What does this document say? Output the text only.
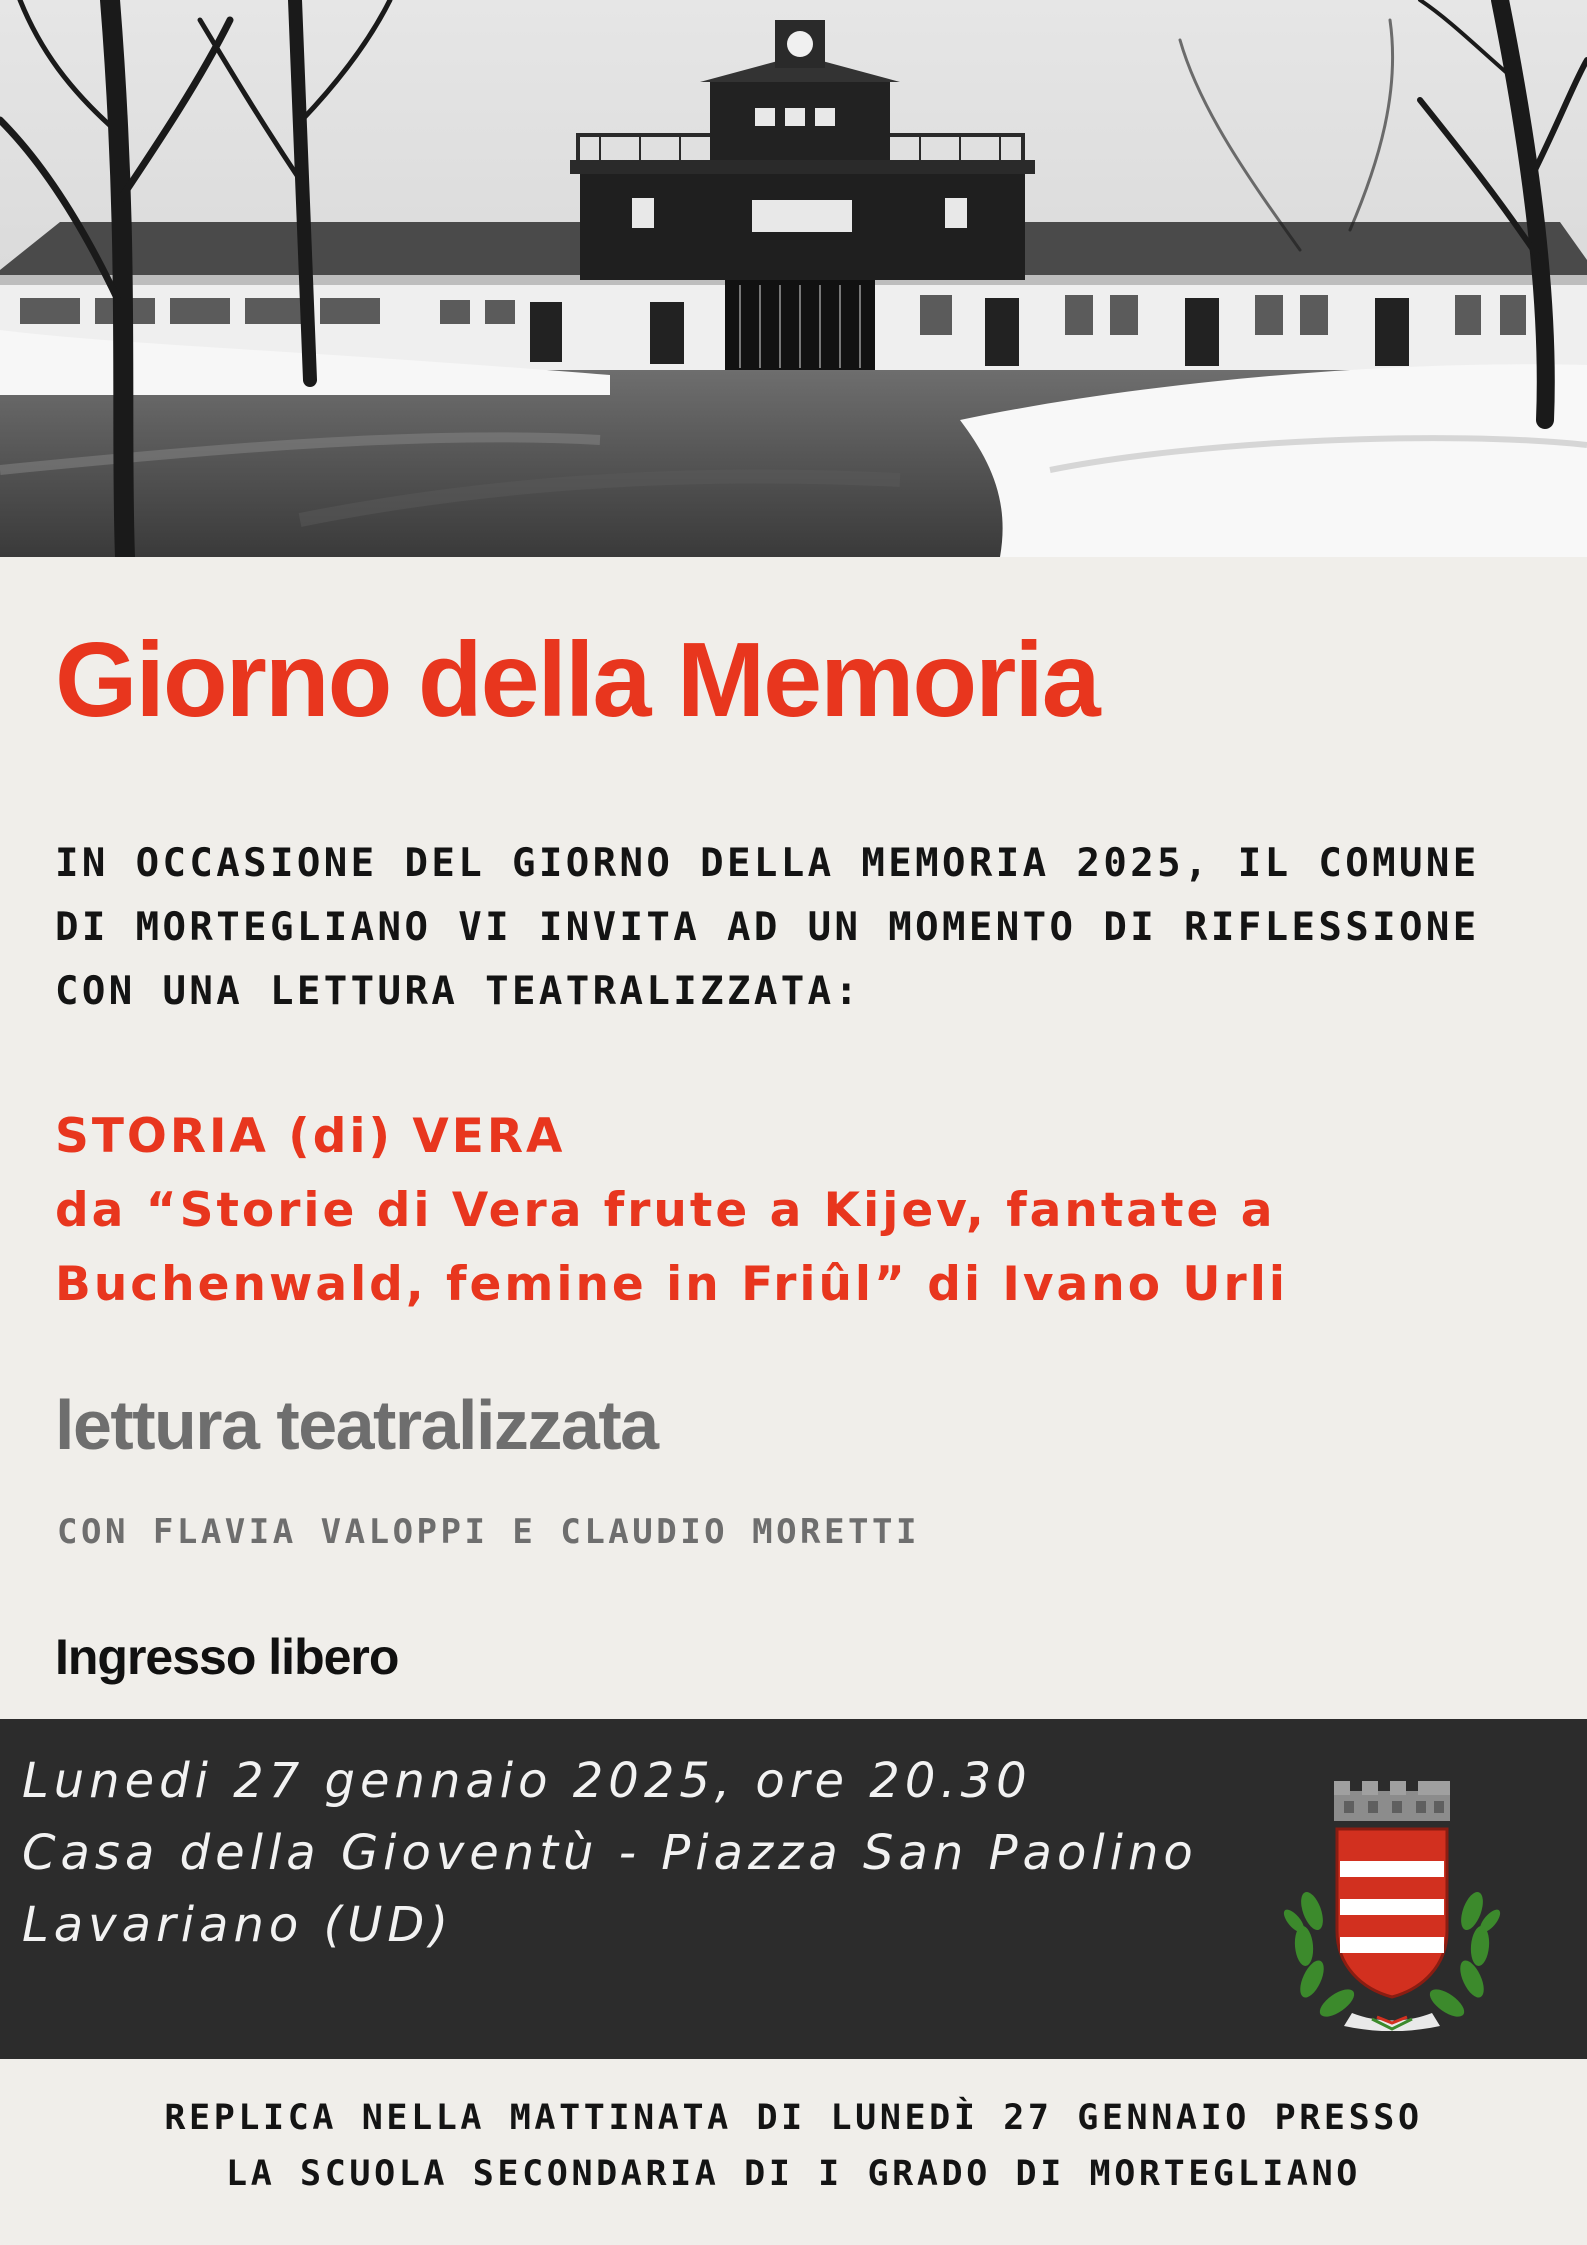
Giorno della Memoria
IN OCCASIONE DEL GIORNO DELLA MEMORIA 2025, IL COMUNE
DI MORTEGLIANO VI INVITA AD UN MOMENTO DI RIFLESSIONE
CON UNA LETTURA TEATRALIZZATA:
STORIA (di) VERA
da “Storie di Vera frute a Kijev, fantate a
Buchenwald, femine in Friûl” di Ivano Urli
lettura teatralizzata
CON FLAVIA VALOPPI E CLAUDIO MORETTI
Ingresso libero
Lunedi 27 gennaio 2025, ore 20.30
Casa della Gioventù - Piazza San Paolino
Lavariano (UD)
REPLICA NELLA MATTINATA DI LUNEDÌ 27 GENNAIO PRESSO
LA SCUOLA SECONDARIA DI I GRADO DI MORTEGLIANO
